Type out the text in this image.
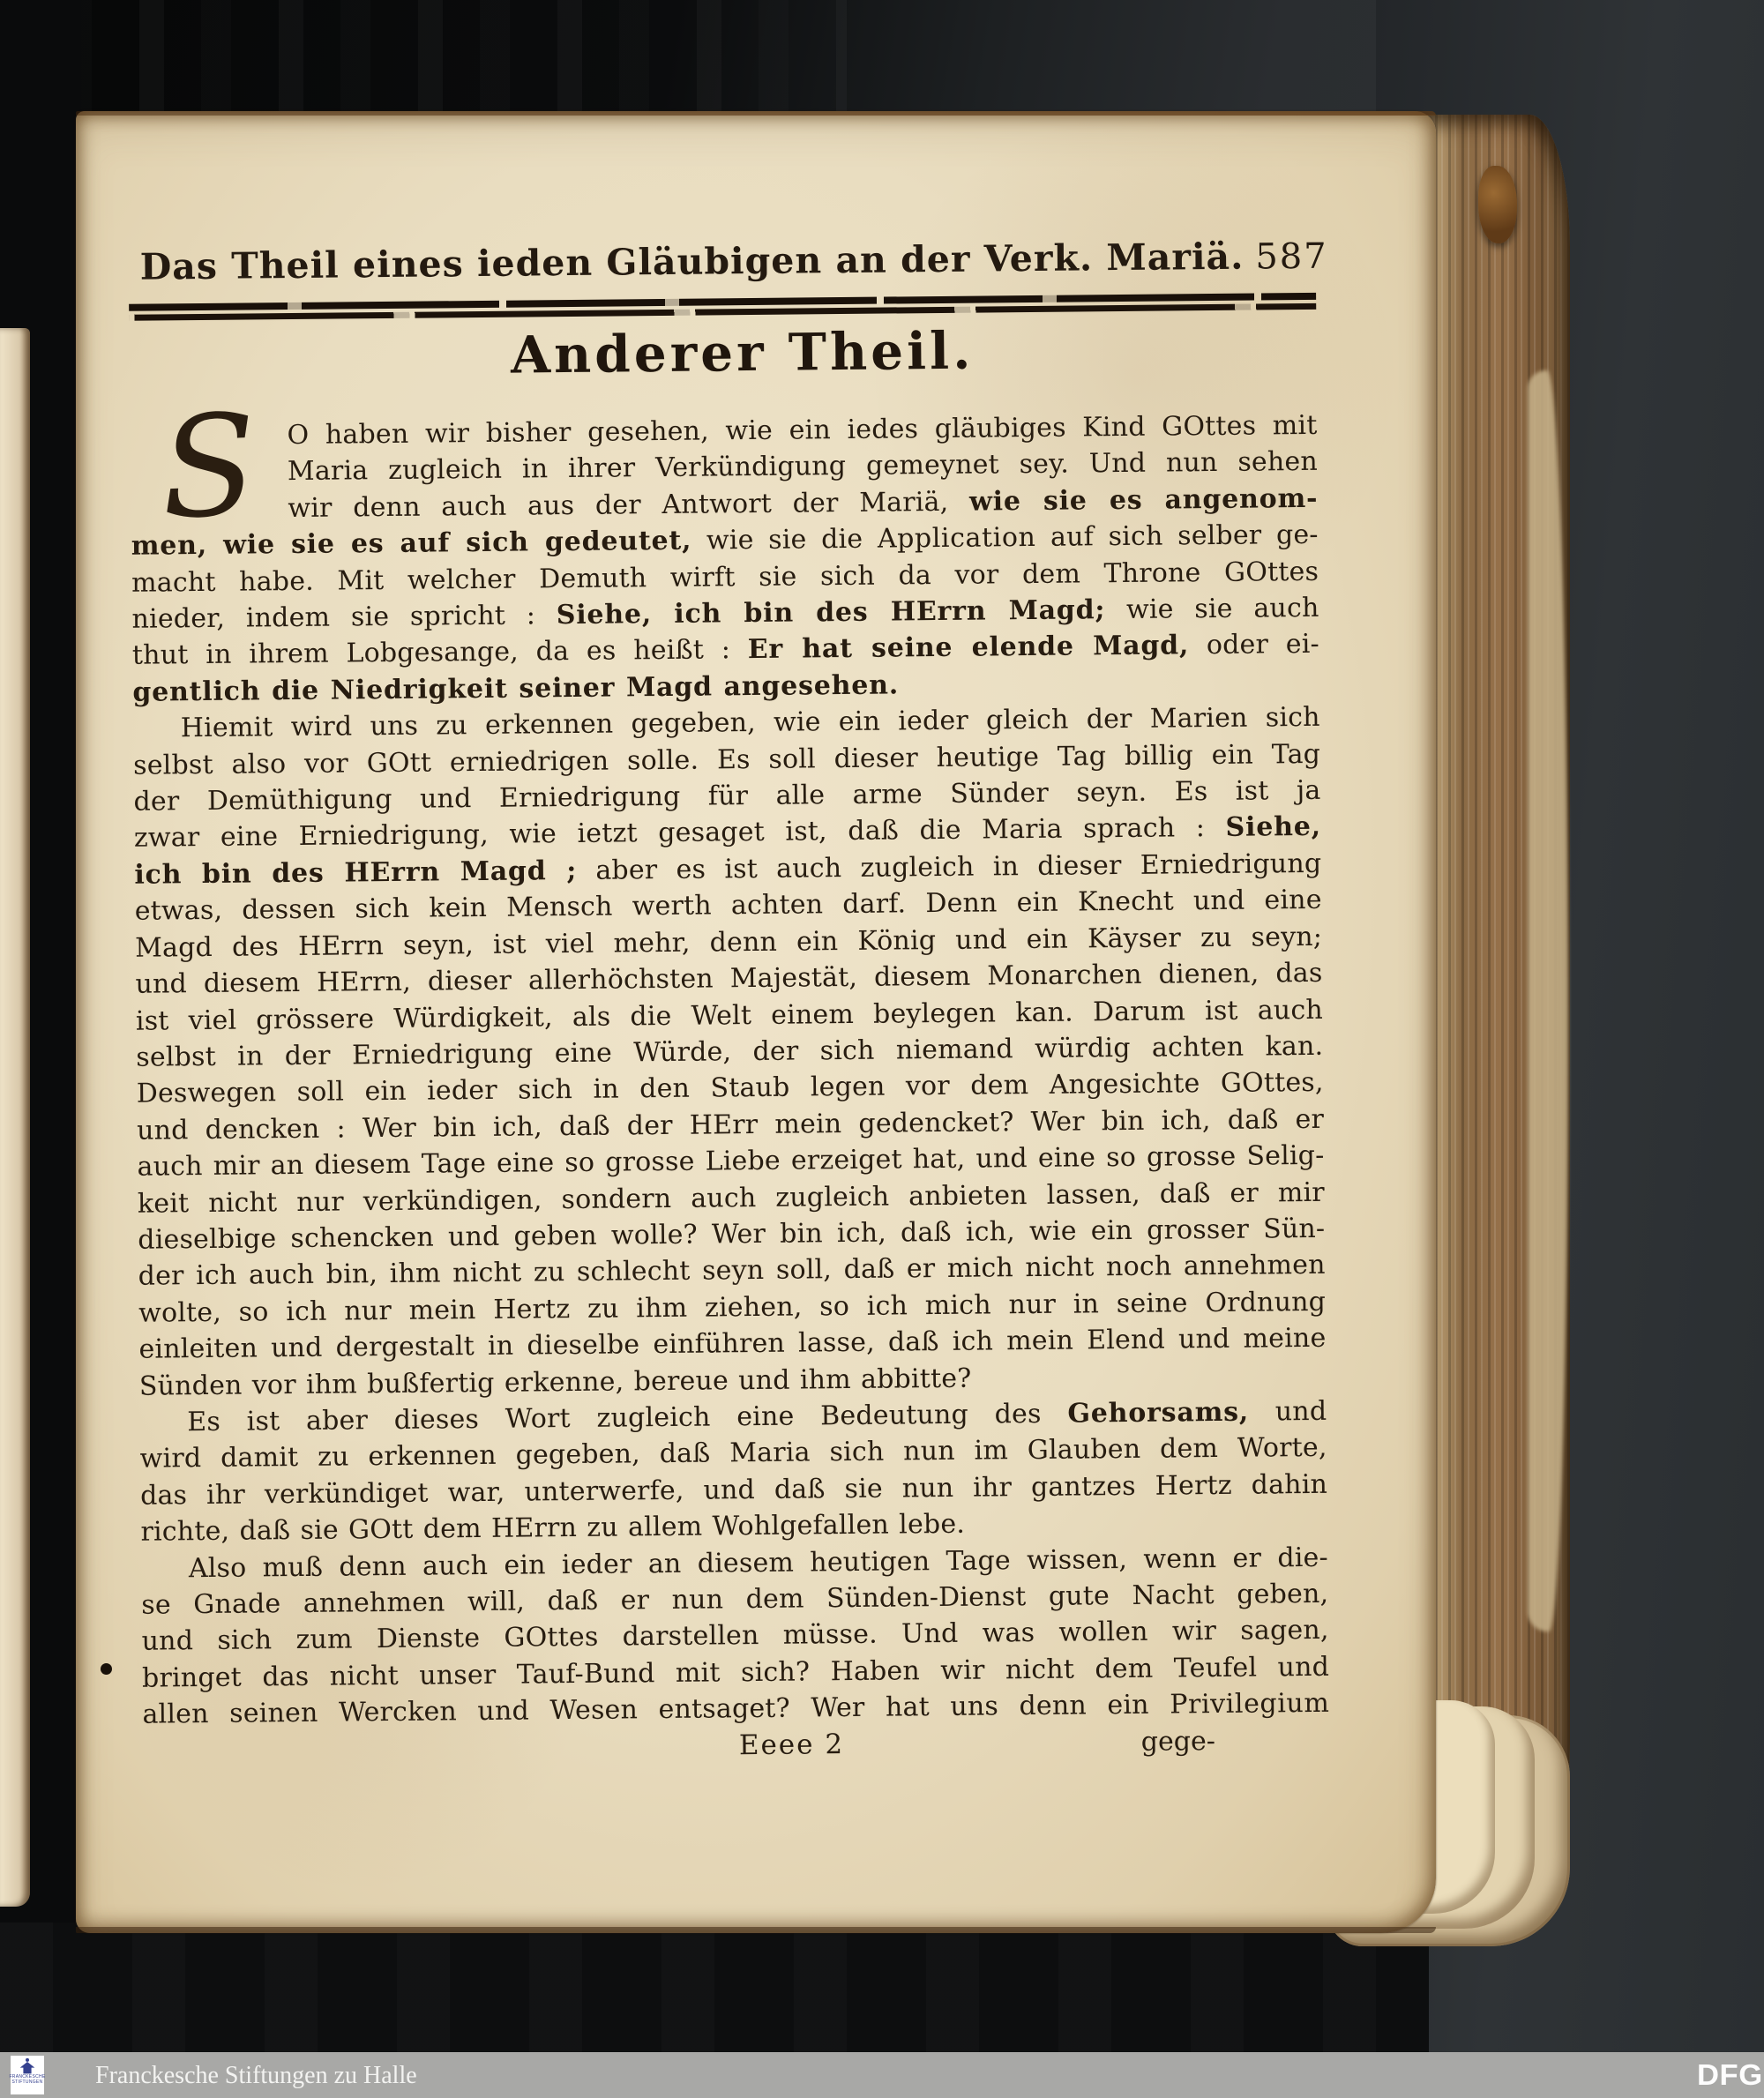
Das Theil eines ieden Gläubigen an der Verk. Mariä. 587
Anderer Theil.
S	O haben wir bisher gesehen, wie ein iedes gläubiges Kind GOttes mit
Maria zugleich in ihrer Verkündigung gemeynet sey. Und nun sehen
wir denn auch aus der Antwort der Mariä, wie sie es angenom-
men, wie sie es auf sich gedeutet, wie sie die Application auf sich selber ge-
macht habe. Mit welcher Demuth wirft sie sich da vor dem Throne GOttes
nieder, indem sie spricht : Siehe, ich bin des HErrn Magd; wie sie auch
thut in ihrem Lobgesange, da es heißt : Er hat seine elende Magd, oder ei-
gentlich die Niedrigkeit seiner Magd angesehen.
Hiemit wird uns zu erkennen gegeben, wie ein ieder gleich der Marien sich
selbst also vor GOtt erniedrigen solle. Es soll dieser heutige Tag billig ein Tag
der Demüthigung und Erniedrigung für alle arme Sünder seyn. Es ist ja
zwar eine Erniedrigung, wie ietzt gesaget ist, daß die Maria sprach : Siehe,
ich bin des HErrn Magd ; aber es ist auch zugleich in dieser Erniedrigung
etwas, dessen sich kein Mensch werth achten darf. Denn ein Knecht und eine
Magd des HErrn seyn, ist viel mehr, denn ein König und ein Käyser zu seyn;
und diesem HErrn, dieser allerhöchsten Majestät, diesem Monarchen dienen, das
ist viel grössere Würdigkeit, als die Welt einem beylegen kan. Darum ist auch
selbst in der Erniedrigung eine Würde, der sich niemand würdig achten kan.
Deswegen soll ein ieder sich in den Staub legen vor dem Angesichte GOttes,
und dencken : Wer bin ich, daß der HErr mein gedencket? Wer bin ich, daß er
auch mir an diesem Tage eine so grosse Liebe erzeiget hat, und eine so grosse Selig-
keit nicht nur verkündigen, sondern auch zugleich anbieten lassen, daß er mir
dieselbige schencken und geben wolle? Wer bin ich, daß ich, wie ein grosser Sün-
der ich auch bin, ihm nicht zu schlecht seyn soll, daß er mich nicht noch annehmen
wolte, so ich nur mein Hertz zu ihm ziehen, so ich mich nur in seine Ordnung
einleiten und dergestalt in dieselbe einführen lasse, daß ich mein Elend und meine
Sünden vor ihm bußfertig erkenne, bereue und ihm abbitte?
Es ist aber dieses Wort zugleich eine Bedeutung des Gehorsams, und
wird damit zu erkennen gegeben, daß Maria sich nun im Glauben dem Worte,
das ihr verkündiget war, unterwerfe, und daß sie nun ihr gantzes Hertz dahin
richte, daß sie GOtt dem HErrn zu allem Wohlgefallen lebe.
Also muß denn auch ein ieder an diesem heutigen Tage wissen, wenn er die-
se Gnade annehmen will, daß er nun dem Sünden-Dienst gute Nacht geben,
und sich zum Dienste GOttes darstellen müsse. Und was wollen wir sagen,
bringet das nicht unser Tauf-Bund mit sich? Haben wir nicht dem Teufel und
allen seinen Wercken und Wesen entsaget? Wer hat uns denn ein Privilegium
Eeee 2	gege-
FRANCKESCHE
STIFTUNGEN Franckesche Stiftungen zu Halle	DFG
